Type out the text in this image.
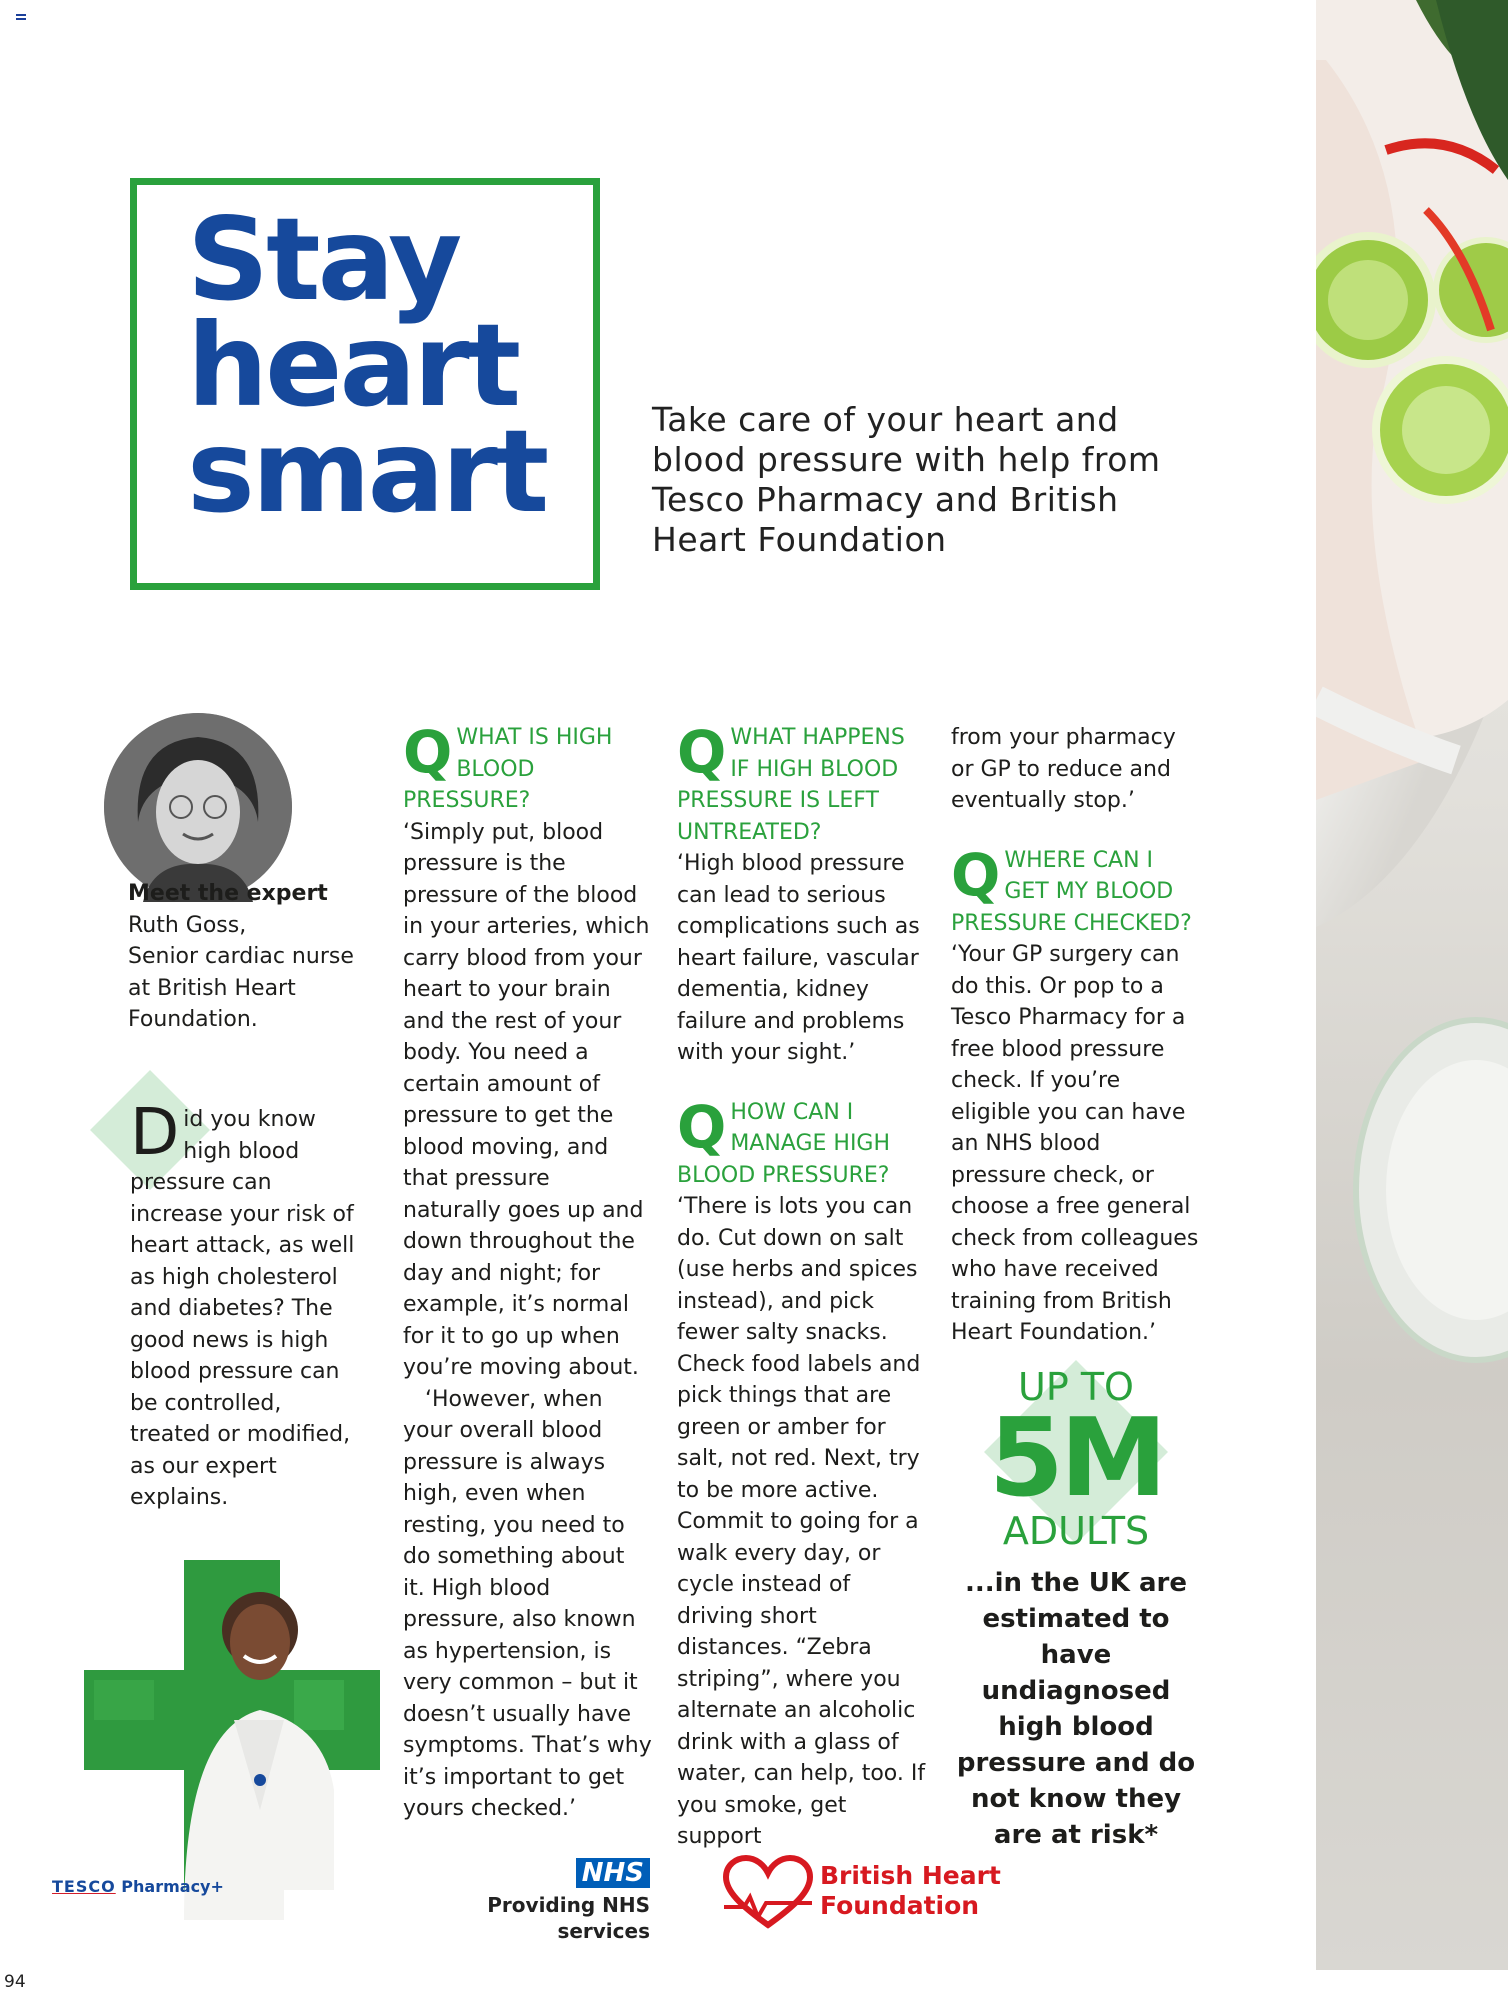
Stay
heart
smart	Take care of your heart and blood pressure with help from Tesco Pharmacy and British Heart Foundation

Meet the expert
Ruth Goss,
Senior cardiac nurse at British Heart Foundation.

Did you know high blood pressure can increase your risk of heart attack, as well as high cholesterol and diabetes? The good news is high blood pressure can be controlled, treated or modified, as our expert explains.

QWHAT IS HIGH BLOOD PRESSURE?

‘Simply put, blood pressure is the pressure of the blood in your arteries, which carry blood from your heart to your brain and the rest of your body. You need a certain amount of pressure to get the blood moving, and that pressure naturally goes up and down throughout the day and night; for example, it’s normal for it to go up when you’re moving about.

‘However, when your overall blood pressure is always high, even when resting, you need to do something about it. High blood pressure, also known as hypertension, is very common – but it doesn’t usually have symptoms. That’s why it’s important to get yours checked.’

QWHAT HAPPENS IF HIGH BLOOD PRESSURE IS LEFT UNTREATED?

‘High blood pressure can lead to serious complications such as heart failure, vascular dementia, kidney failure and problems with your sight.’

QHOW CAN I MANAGE HIGH BLOOD PRESSURE?

‘There is lots you can do. Cut down on salt (use herbs and spices instead), and pick fewer salty snacks. Check food labels and pick things that are green or amber for salt, not red. Next, try to be more active. Commit to going for a walk every day, or cycle instead of driving short distances. “Zebra striping”, where you alternate an alcoholic drink with a glass of water, can help, too. If you smoke, get support

from your pharmacy or GP to reduce and eventually stop.’

QWHERE CAN I GET MY BLOOD PRESSURE CHECKED?

‘Your GP surgery can do this. Or pop to a Tesco Pharmacy for a free blood pressure check. If you’re eligible you can have an NHS blood pressure check, or choose a free general check from colleagues who have received training from British Heart Foundation.’

UP TO
5M
ADULTS

...in the UK are estimated to have undiagnosed high blood pressure and do not know they are at risk*

TESCO Pharmacy+	NHS
Providing NHS services

British Heart Foundation

94
